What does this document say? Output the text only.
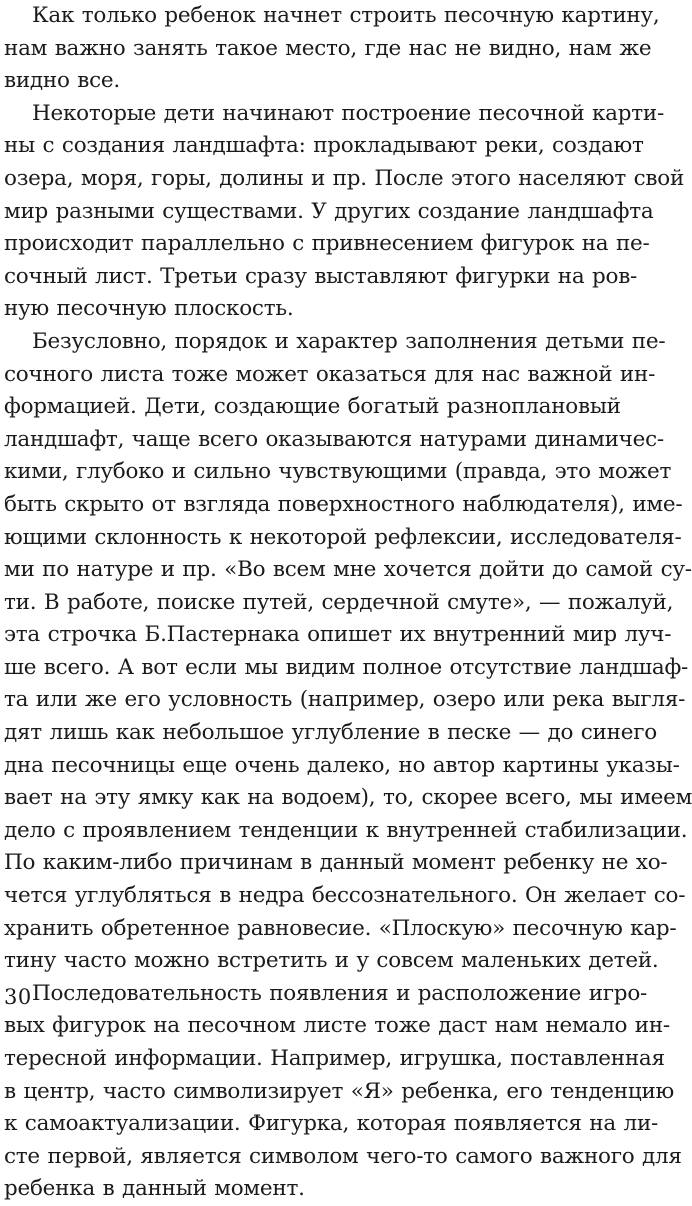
Как только ребенок начнет строить песочную картину,
нам важно занять такое место, где нас не видно, нам же
видно все.
Некоторые дети начинают построение песочной карти-
ны с создания ландшафта: прокладывают реки, создают
озера, моря, горы, долины и пр. После этого населяют свой
мир разными существами. У других создание ландшафта
происходит параллельно с привнесением фигурок на пе-
сочный лист. Третьи сразу выставляют фигурки на ров-
ную песочную плоскость.
Безусловно, порядок и характер заполнения детьми пе-
сочного листа тоже может оказаться для нас важной ин-
формацией. Дети, создающие богатый разноплановый
ландшафт, чаще всего оказываются натурами динамичес-
кими, глубоко и сильно чувствующими (правда, это может
быть скрыто от взгляда поверхностного наблюдателя), име-
ющими склонность к некоторой рефлексии, исследователя-
ми по натуре и пр. «Во всем мне хочется дойти до самой су-
ти. В работе, поиске путей, сердечной смуте», — пожалуй,
эта строчка Б.Пастернака опишет их внутренний мир луч-
ше всего. А вот если мы видим полное отсутствие ландшаф-
та или же его условность (например, озеро или река выгля-
дят лишь как небольшое углубление в песке — до синего
дна песочницы еще очень далеко, но автор картины указы-
вает на эту ямку как на водоем), то, скорее всего, мы имеем
дело с проявлением тенденции к внутренней стабилизации.
По каким-либо причинам в данный момент ребенку не хо-
чется углубляться в недра бессознательного. Он желает со-
хранить обретенное равновесие. «Плоскую» песочную кар-
тину часто можно встретить и у совсем маленьких детей.
Последовательность появления и расположение игро-
вых фигурок на песочном листе тоже даст нам немало ин-
тересной информации. Например, игрушка, поставленная
в центр, часто символизирует «Я» ребенка, его тенденцию
к самоактуализации. Фигурка, которая появляется на ли-
сте первой, является символом чего-то самого важного для
ребенка в данный момент.
30
